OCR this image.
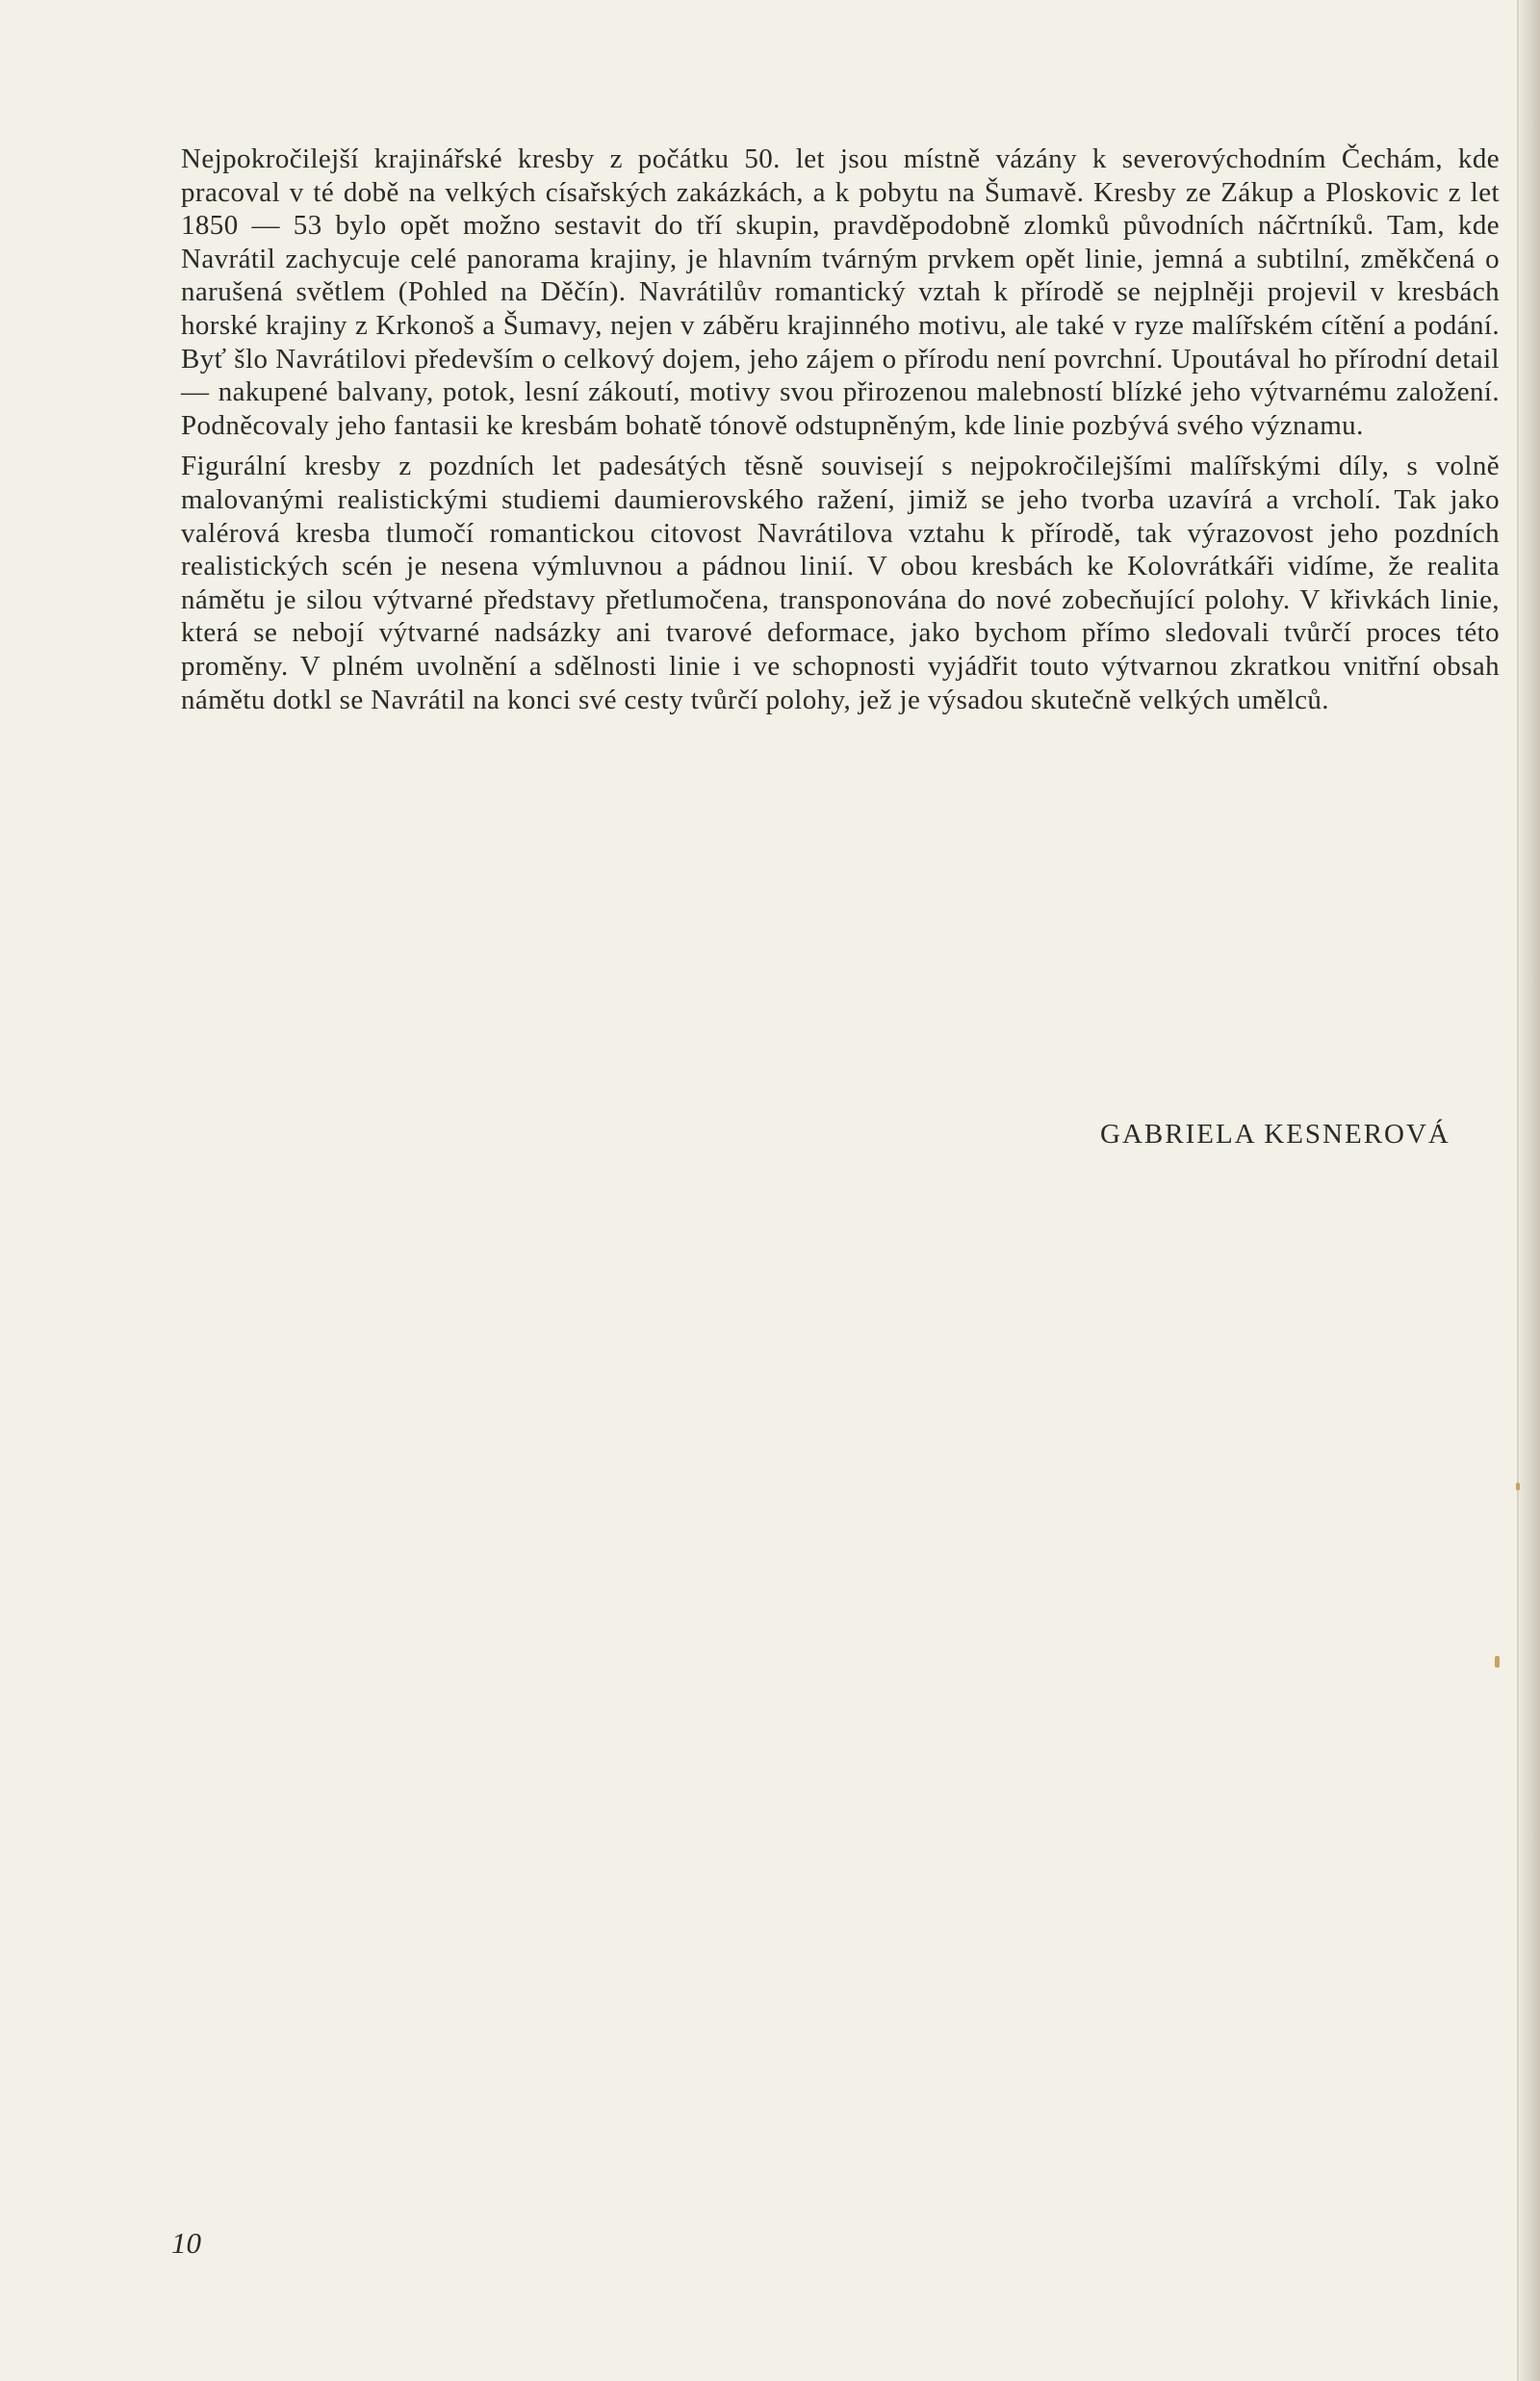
Nejpokročilejší krajinářské kresby z počátku 50. let jsou místně vázány k severovýchodním Čechám, kde pracoval v té době na velkých císařských zakázkách, a k pobytu na Šumavě. Kresby ze Zákup a Ploskovic z let 1850 — 53 bylo opět možno sestavit do tří skupin, pravděpodobně zlomků původních náčrtníků. Tam, kde Navrátil zachycuje celé panorama krajiny, je hlavním tvárným prvkem opět linie, jemná a subtilní, změkčená o narušená světlem (Pohled na Děčín). Navrátilův romantický vztah k přírodě se nejplněji projevil v kresbách horské krajiny z Krkonoš a Šumavy, nejen v záběru krajinného motivu, ale také v ryze malířském cítění a podání. Byť šlo Navrátilovi především o celkový dojem, jeho zájem o přírodu není povrchní. Upoutával ho přírodní detail — nakupené balvany, potok, lesní zákoutí, motivy svou přirozenou malebností blízké jeho výtvarnému založení. Podněcovaly jeho fantasii ke kresbám bohatě tónově odstupněným, kde linie pozbývá svého významu.

Figurální kresby z pozdních let padesátých těsně souvisejí s nejpokročilejšími malířskými díly, s volně malovanými realistickými studiemi daumierovského ražení, jimiž se jeho tvorba uzavírá a vrcholí. Tak jako valérová kresba tlumočí romantickou citovost Navrátilova vztahu k přírodě, tak výrazovost jeho pozdních realistických scén je nesena výmluvnou a pádnou linií. V obou kresbách ke Kolovrátkáři vidíme, že realita námětu je silou výtvarné představy přetlumočena, transponována do nové zobecňující polohy. V křivkách linie, která se nebojí výtvarné nadsázky ani tvarové deformace, jako bychom přímo sledovali tvůrčí proces této proměny. V plném uvolnění a sdělnosti linie i ve schopnosti vyjádřit touto výtvarnou zkratkou vnitřní obsah námětu dotkl se Navrátil na konci své cesty tvůrčí polohy, jež je výsadou skutečně velkých umělců.

GABRIELA KESNEROVÁ
10
